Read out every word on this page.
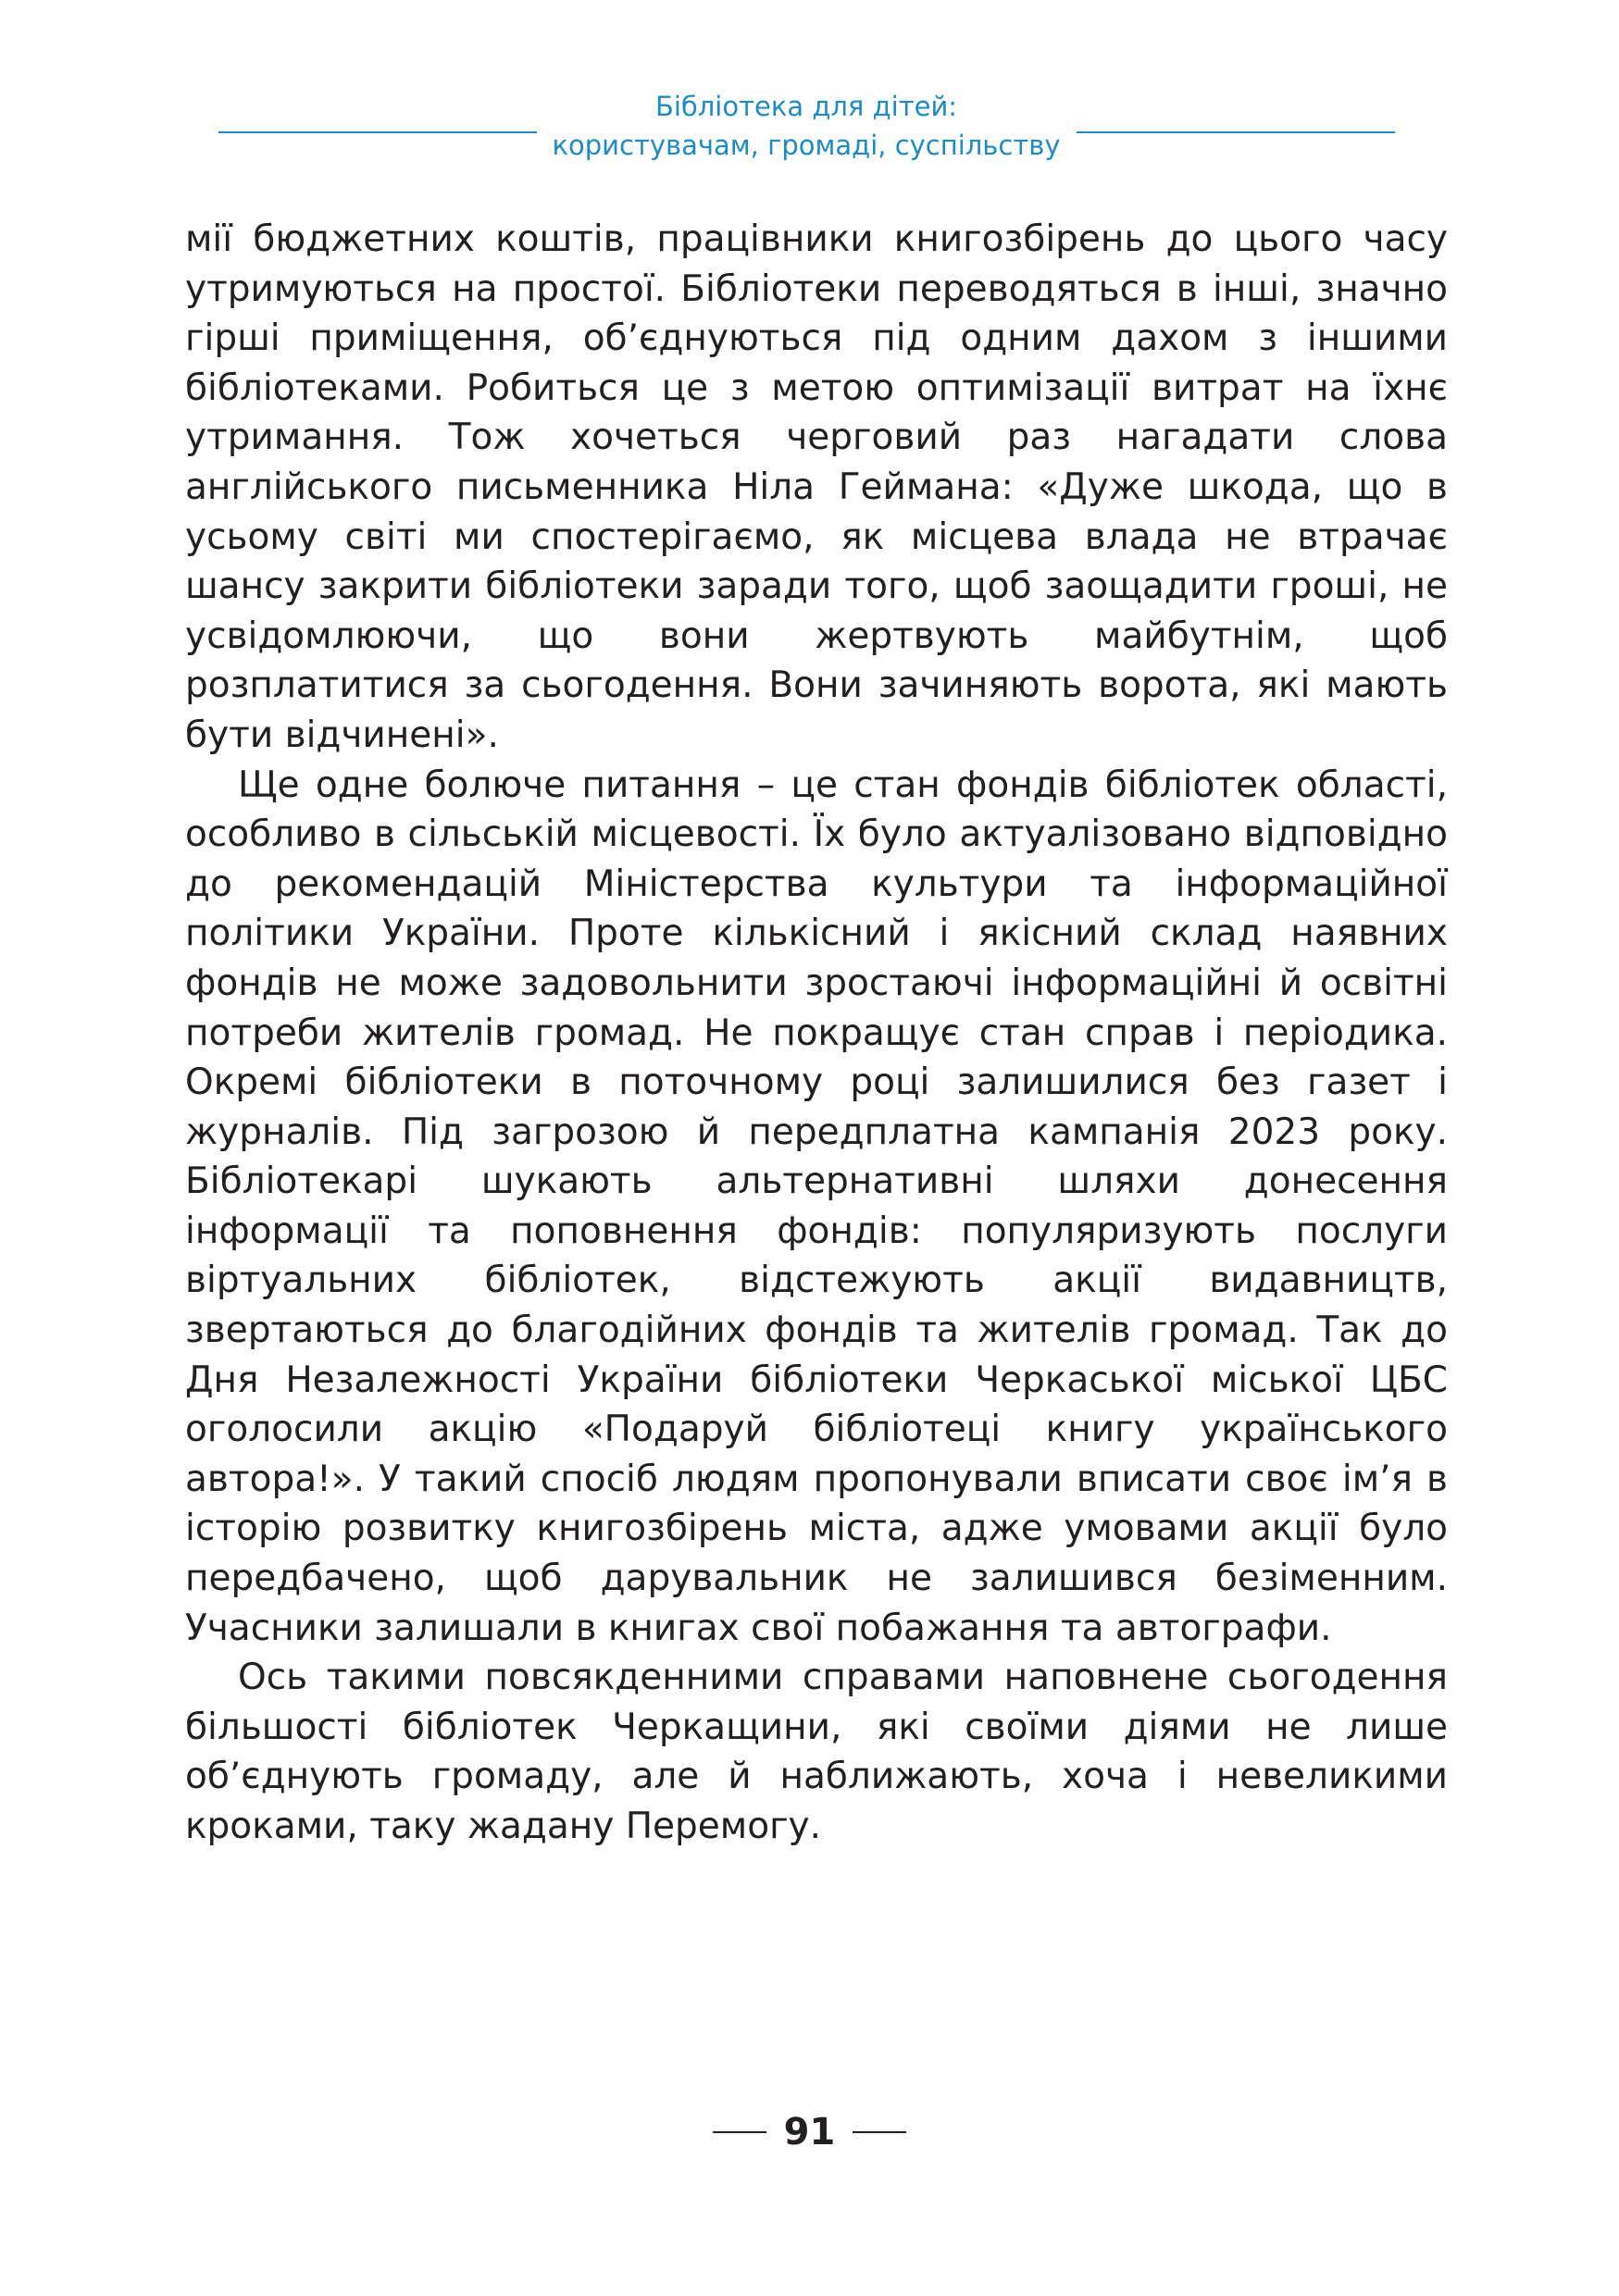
Бібліотека для дітей:
користувачам, громаді, суспільству

мії бюджетних коштів, працівники книгозбірень до цього часу утримуються на простої. Бібліотеки переводяться в інші, значно гірші приміщення, об’єднуються під одним дахом з іншими бібліотеками. Робиться це з метою оптимізації витрат на їхнє утримання. Тож хочеться черговий раз нагадати слова англійського письменника Ніла Геймана: «Дуже шкода, що в усьому світі ми спостерігаємо, як місцева влада не втрачає шансу закрити бібліотеки заради того, щоб заощадити гроші, не усвідомлюючи, що вони жертвують майбутнім, щоб розплатитися за сьогодення. Вони зачиняють ворота, які мають бути відчинені».

Ще одне болюче питання – це стан фондів бібліотек області, особливо в сільській місцевості. Їх було актуалізовано відповідно до рекомендацій Міністерства культури та інформаційної політики України. Проте кількісний і якісний склад наявних фондів не може задовольнити зростаючі інформаційні й освітні потреби жителів громад. Не покращує стан справ і періодика. Окремі бібліотеки в поточному році залишилися без газет і журналів. Під загрозою й передплатна кампанія 2023 року. Бібліотекарі шукають альтернативні шляхи донесення інформації та поповнення фондів: популяризують послуги віртуальних бібліотек, відстежують акції видавництв, звертаються до благодійних фондів та жителів громад. Так до Дня Незалежності України бібліотеки Черкаської міської ЦБС оголосили акцію «Подаруй бібліотеці книгу українського автора!». У такий спосіб людям пропонували вписати своє ім’я в історію розвитку книгозбірень міста, адже умовами акції було передбачено, щоб дарувальник не залишився безіменним. Учасники залишали в книгах свої побажання та автографи.

Ось такими повсякденними справами наповнене сьогодення більшості бібліотек Черкащини, які своїми діями не лише об’єднують громаду, але й наближають, хоча і невеликими кроками, таку жадану Перемогу.

91
